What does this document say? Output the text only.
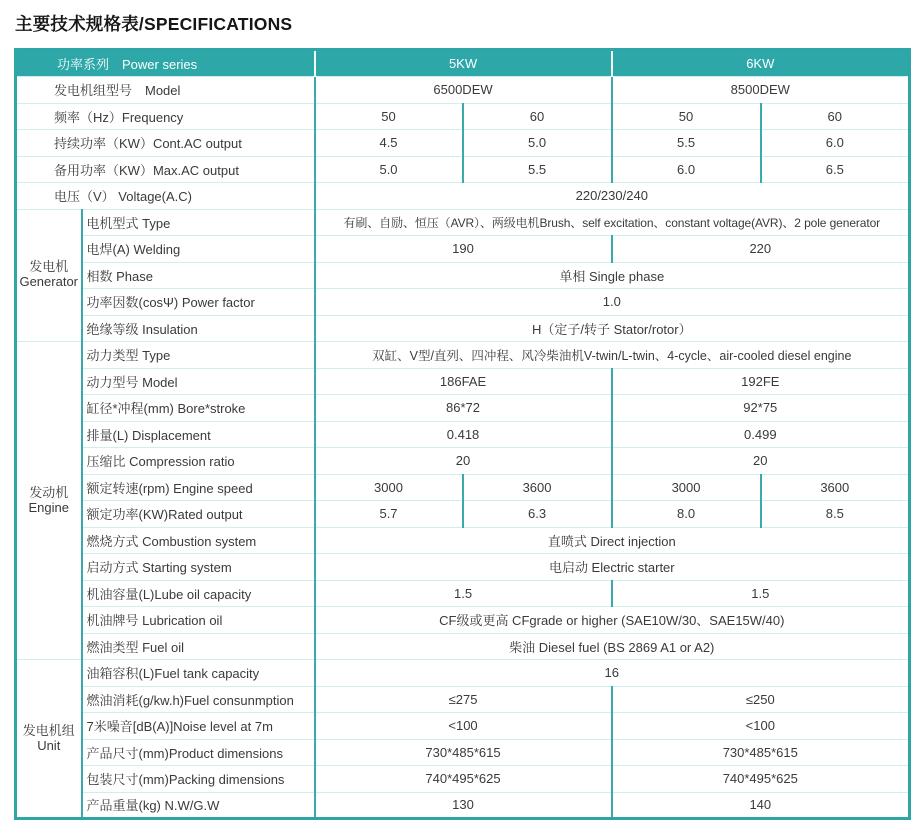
主要技术规格表/SPECIFICATIONS
功率系列　Power series		5KW		6KW	
发电机组型号　Model		6500DEW		8500DEW	
频率（Hz）Frequency		50	60	50	60
持续功率（KW）Cont.AC output		4.5	5.0	5.5	6.0
备用功率（KW）Max.AC output		5.0	5.5	6.0	6.5
电压（V） Voltage(A.C)		220/230/240			

发电机
Generator	电机型式 Type	有刷、自励、恒压（AVR）、两级电机Brush、self excitation、constant voltage(AVR)、2 pole generator			
	电焊(A) Welding	190		220	
	相数 Phase	单相 Single phase			
	功率因数(cosΨ) Power factor	1.0			
	绝缘等级 Insulation	H（定子/转子 Stator/rotor）			

发动机
Engine	动力类型 Type	双缸、V型/直列、四冲程、风冷柴油机V-twin/L-twin、4-cycle、air-cooled diesel engine			
	动力型号 Model	186FAE		192FE	
	缸径*冲程(mm) Bore*stroke	86*72		92*75	
	排量(L) Displacement	0.418		0.499	
	压缩比 Compression ratio	20		20	
	额定转速(rpm) Engine speed	3000	3600	3000	3600
	额定功率(KW)Rated output	5.7	6.3	8.0	8.5
	燃烧方式 Combustion system	直喷式 Direct injection			
	启动方式 Starting system	电启动 Electric starter			
	机油容量(L)Lube oil capacity	1.5		1.5	
	机油牌号 Lubrication oil	CF级或更高 CFgrade or higher (SAE10W/30、SAE15W/40)			
	燃油类型 Fuel oil	柴油 Diesel fuel (BS 2869 A1 or A2)			

发电机组
Unit	油箱容积(L)Fuel tank capacity	16			
	燃油消耗(g/kw.h)Fuel consunmption	≤275		≤250	
	7米噪音[dB(A)]Noise level at 7m	<100		<100	
	产品尺寸(mm)Product dimensions	730*485*615		730*485*615	
	包装尺寸(mm)Packing dimensions	740*495*625		740*495*625	
	产品重量(kg) N.W/G.W	130		140	
